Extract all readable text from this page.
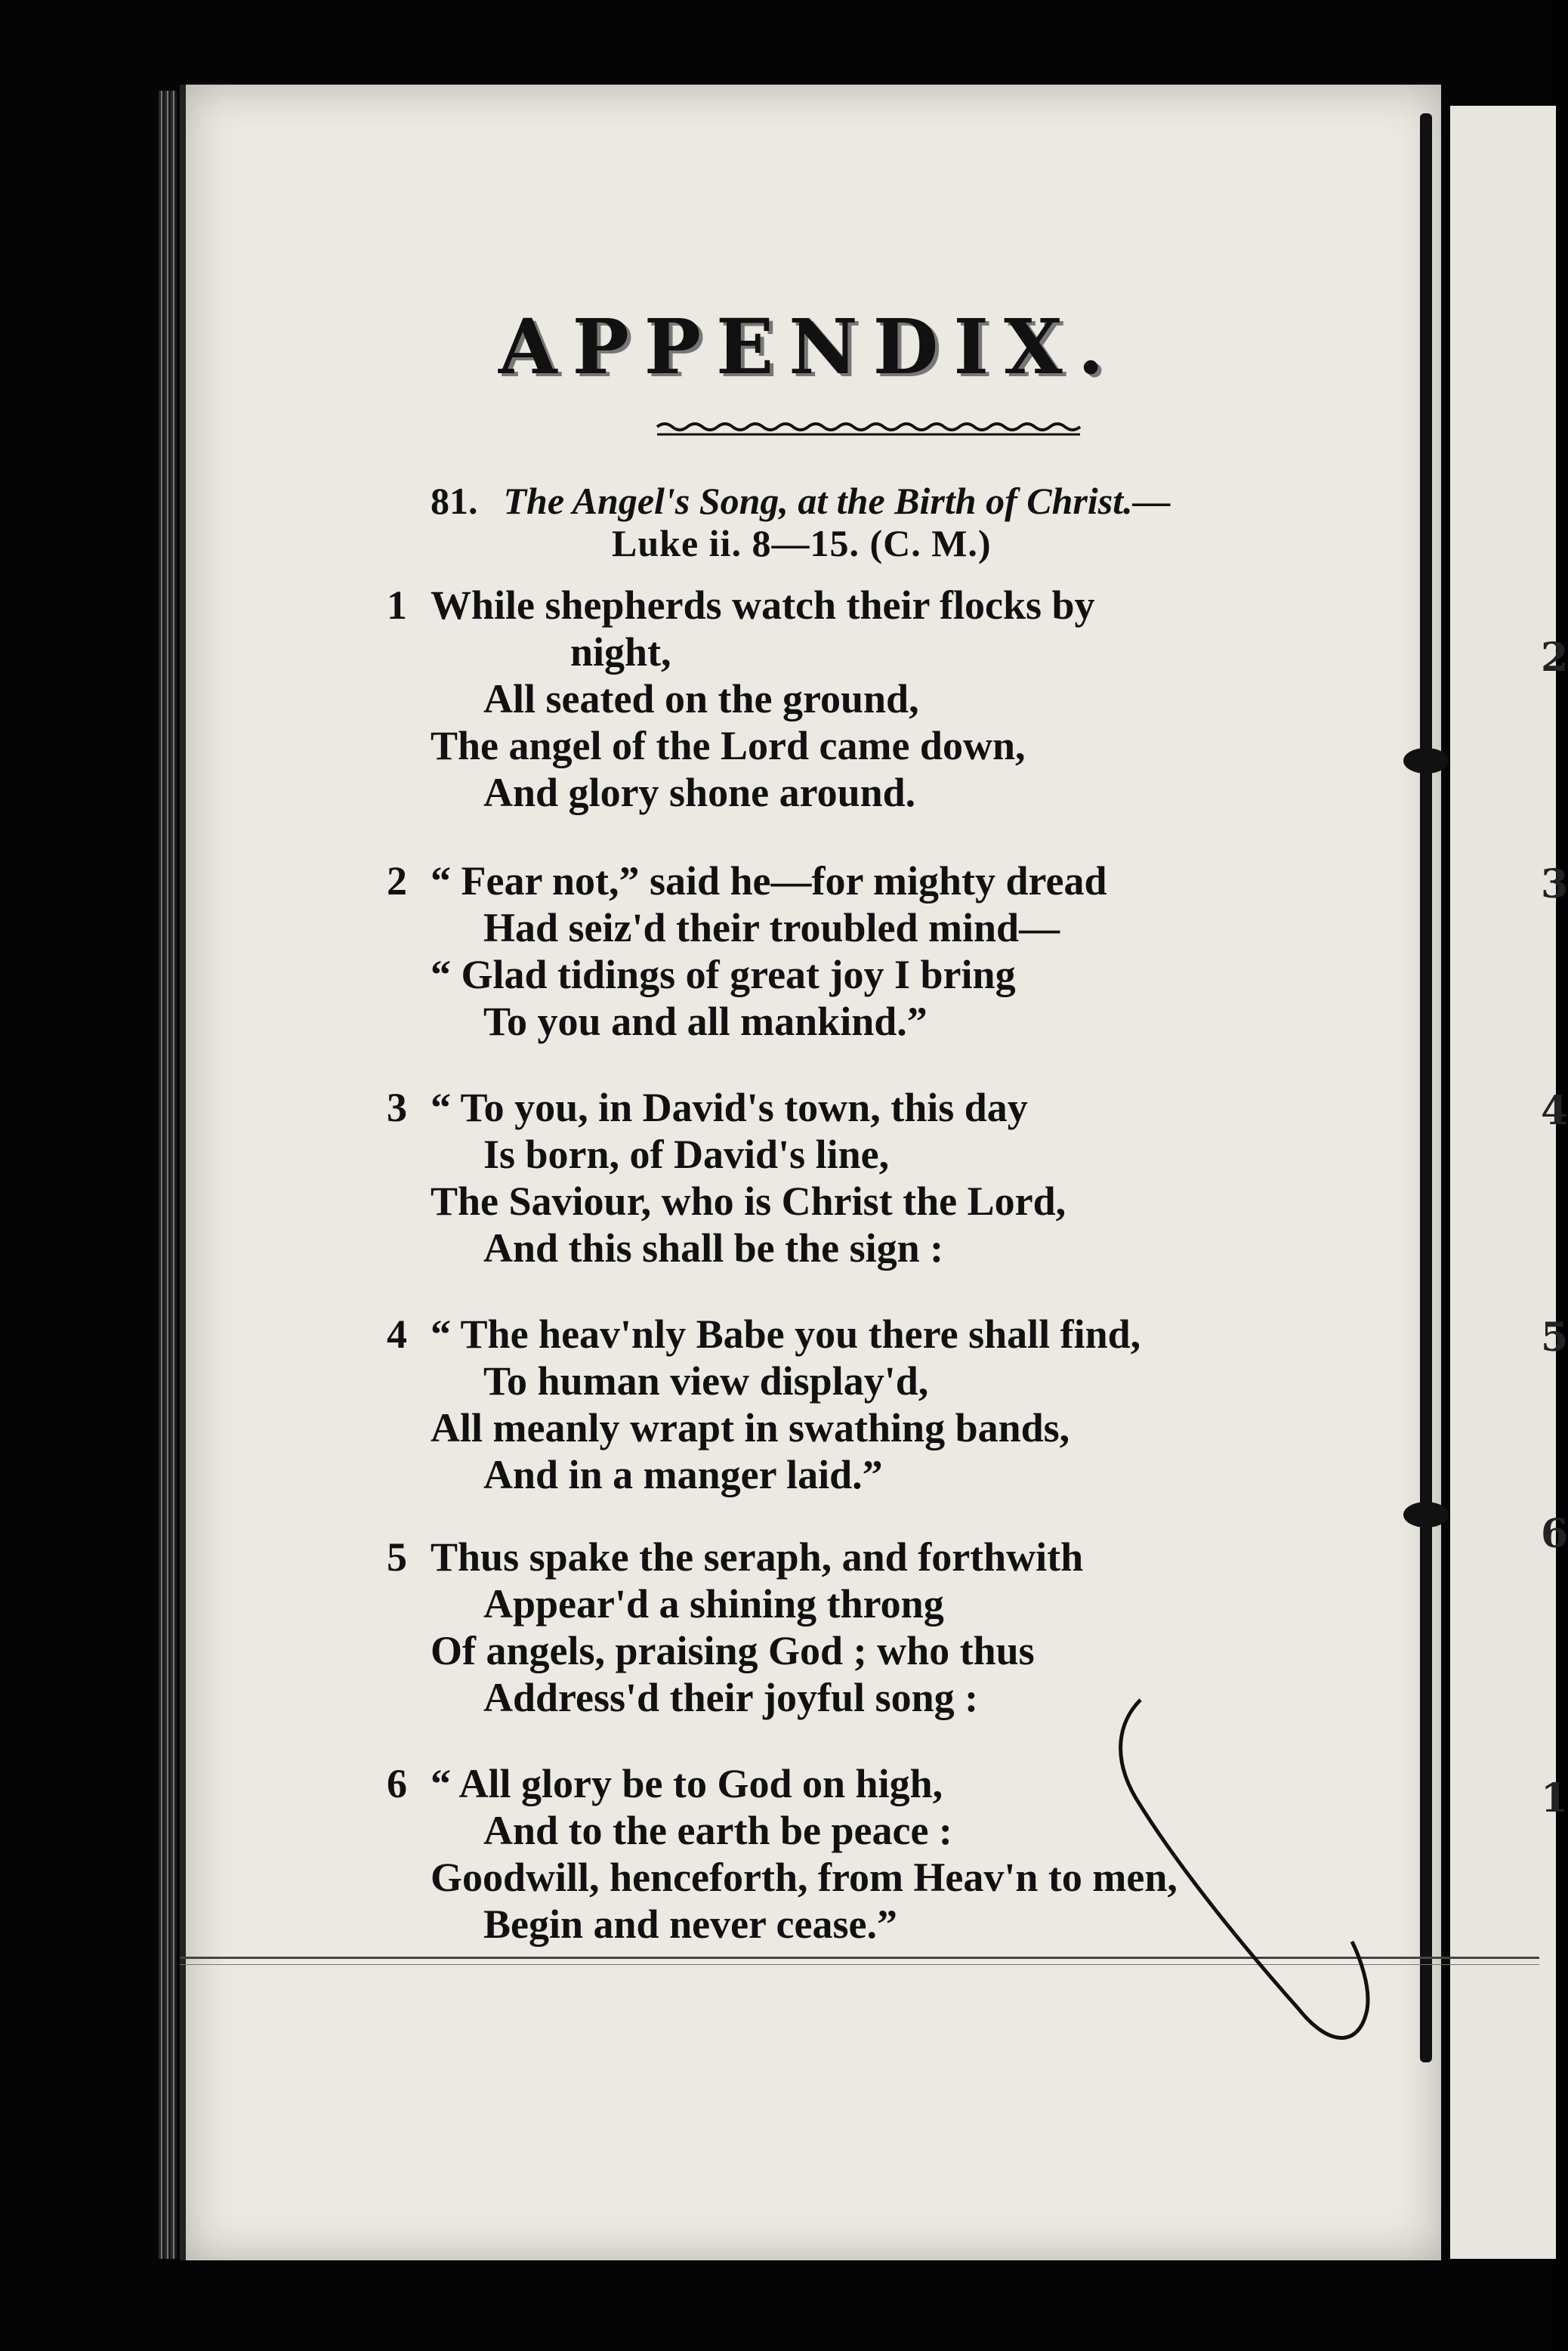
2
3
4
5
6
1
APPENDIX.
81. The Angel's Song, at the Birth of Christ.—
Luke ii. 8—15. (C. M.)
1 While shepherds watch their flocks by
night,
All seated on the ground,
The angel of the Lord came down,
And glory shone around.
2 “ Fear not,” said he—for mighty dread
Had seiz'd their troubled mind—
“ Glad tidings of great joy I bring
To you and all mankind.”
3 “ To you, in David's town, this day
Is born, of David's line,
The Saviour, who is Christ the Lord,
And this shall be the sign :
4 “ The heav'nly Babe you there shall find,
To human view display'd,
All meanly wrapt in swathing bands,
And in a manger laid.”
5 Thus spake the seraph, and forthwith
Appear'd a shining throng
Of angels, praising God ; who thus
Address'd their joyful song :
6 “ All glory be to God on high,
And to the earth be peace :
Goodwill, henceforth, from Heav'n to men,
Begin and never cease.”
